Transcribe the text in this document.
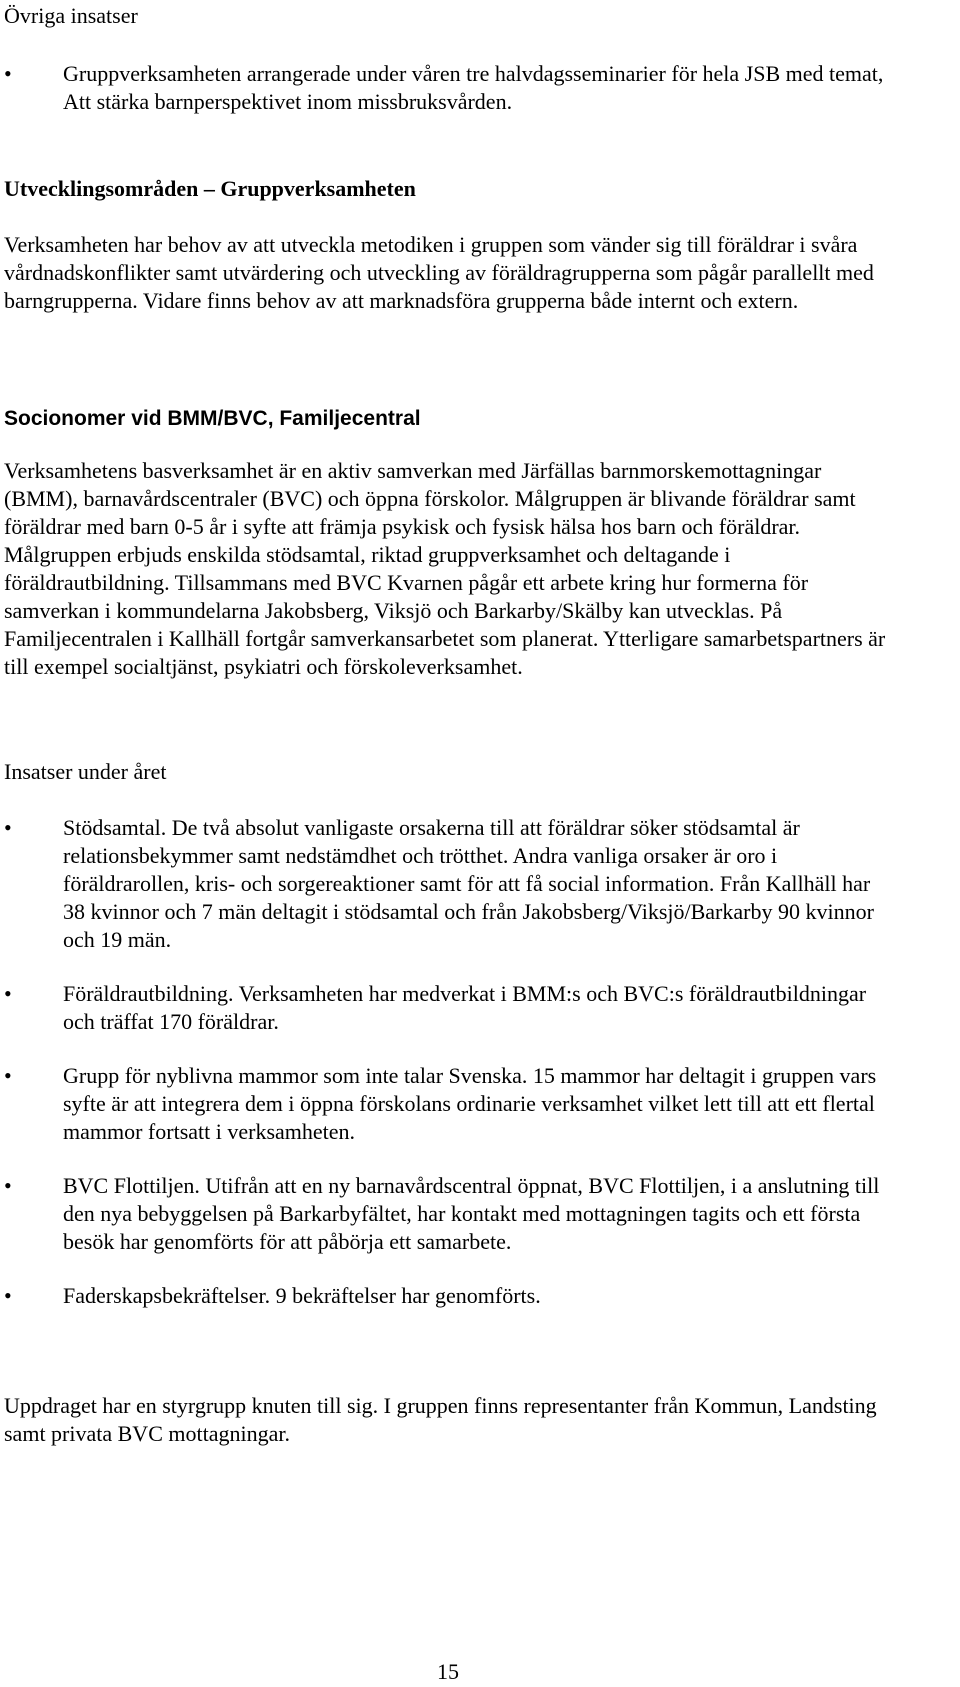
Övriga insatser

• Gruppverksamheten arrangerade under våren tre halvdagsseminarier för hela JSB med temat, Att stärka barnperspektivet inom missbruksvården.

Utvecklingsområden – Gruppverksamheten

Verksamheten har behov av att utveckla metodiken i gruppen som vänder sig till föräldrar i svåra vårdnadskonflikter samt utvärdering och utveckling av föräldragrupperna som pågår parallellt med barngrupperna. Vidare finns behov av att marknadsföra grupperna både internt och extern.

Socionomer vid BMM/BVC, Familjecentral

Verksamhetens basverksamhet är en aktiv samverkan med Järfällas barnmorskemottagningar (BMM), barnavårdscentraler (BVC) och öppna förskolor. Målgruppen är blivande föräldrar samt föräldrar med barn 0-5 år i syfte att främja psykisk och fysisk hälsa hos barn och föräldrar. Målgruppen erbjuds enskilda stödsamtal, riktad gruppverksamhet och deltagande i föräldrautbildning. Tillsammans med BVC Kvarnen pågår ett arbete kring hur formerna för samverkan i kommundelarna Jakobsberg, Viksjö och Barkarby/Skälby kan utvecklas. På Familjecentralen i Kallhäll fortgår samverkansarbetet som planerat. Ytterligare samarbetspartners är till exempel socialtjänst, psykiatri och förskoleverksamhet.

Insatser under året

• Stödsamtal. De två absolut vanligaste orsakerna till att föräldrar söker stödsamtal är relationsbekymmer samt nedstämdhet och trötthet. Andra vanliga orsaker är oro i föräldrarollen, kris- och sorgereaktioner samt för att få social information. Från Kallhäll har 38 kvinnor och 7 män deltagit i stödsamtal och från Jakobsberg/Viksjö/Barkarby 90 kvinnor och 19 män.
• Föräldrautbildning. Verksamheten har medverkat i BMM:s och BVC:s föräldrautbildningar och träffat 170 föräldrar.
• Grupp för nyblivna mammor som inte talar Svenska. 15 mammor har deltagit i gruppen vars syfte är att integrera dem i öppna förskolans ordinarie verksamhet vilket lett till att ett flertal mammor fortsatt i verksamheten.
• BVC Flottiljen. Utifrån att en ny barnavårdscentral öppnat, BVC Flottiljen, i a anslutning till den nya bebyggelsen på Barkarbyfältet, har kontakt med mottagningen tagits och ett första besök har genomförts för att påbörja ett samarbete.
• Faderskapsbekräftelser. 9 bekräftelser har genomförts.

Uppdraget har en styrgrupp knuten till sig. I gruppen finns representanter från Kommun, Landsting samt privata BVC mottagningar.

15
